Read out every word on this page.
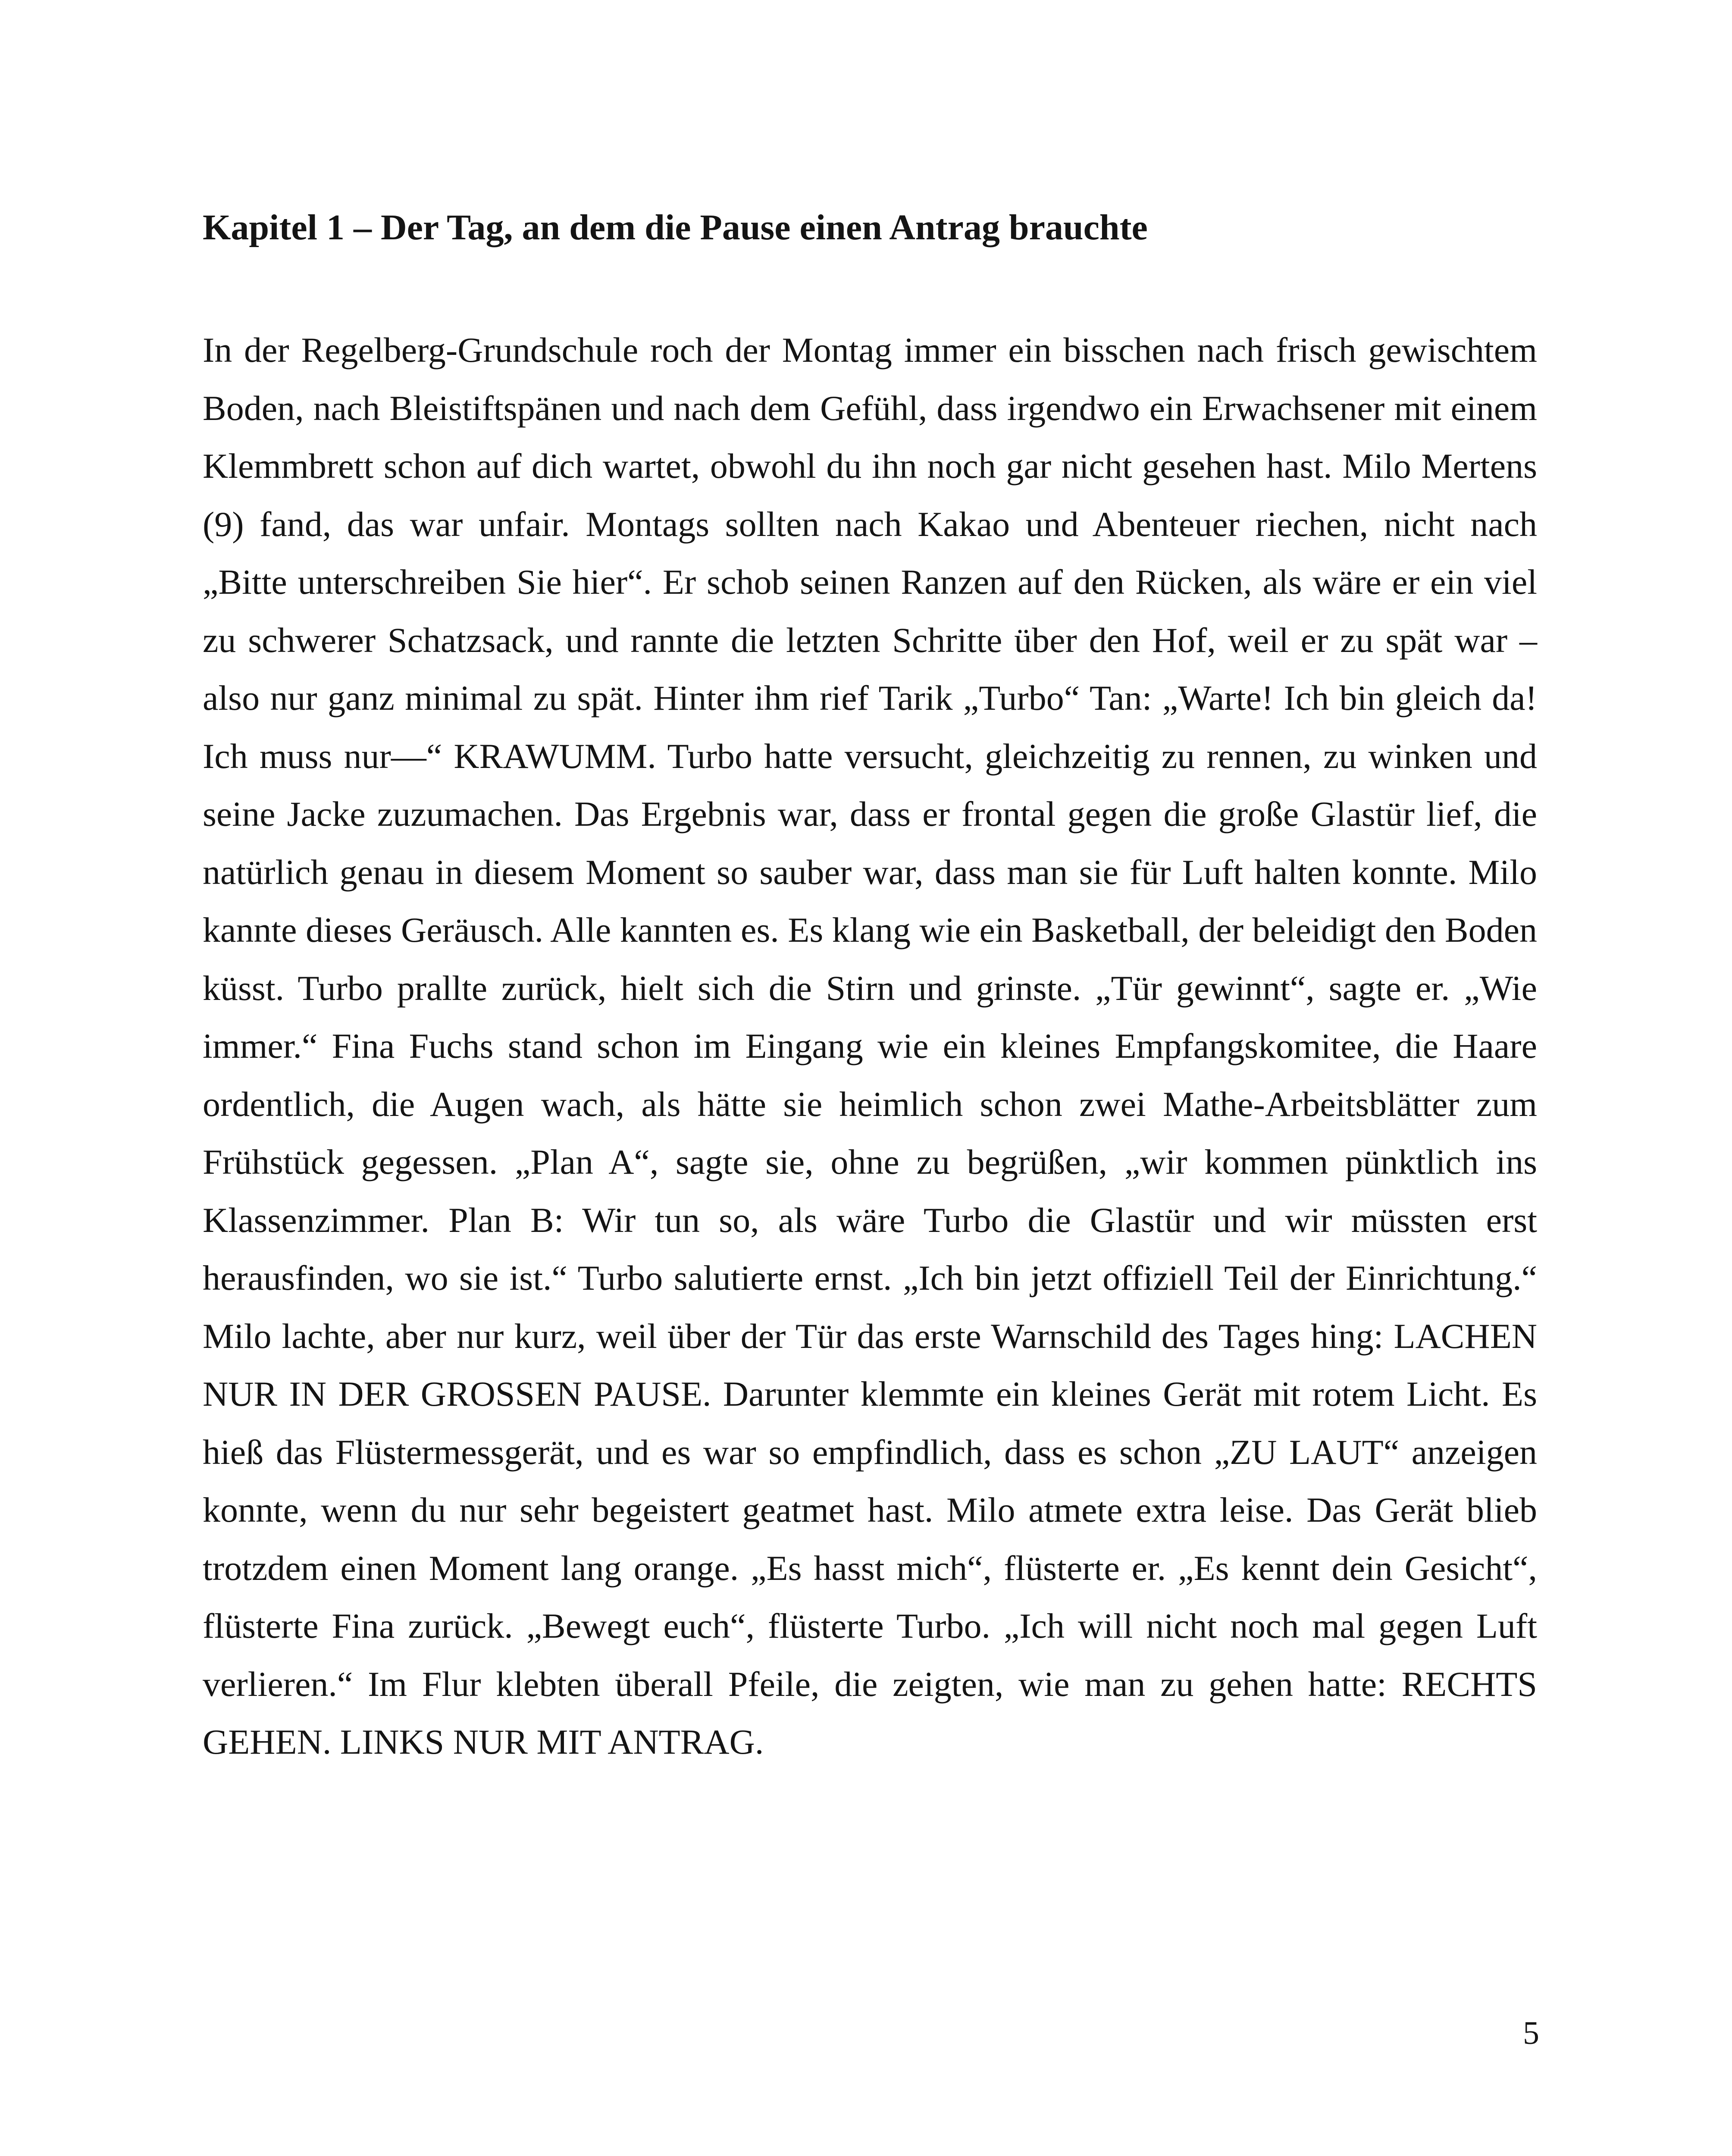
Kapitel 1 – Der Tag, an dem die Pause einen Antrag brauchte

In der Regelberg-Grundschule roch der Montag immer ein bisschen nach frisch gewischtem Boden, nach Bleistiftspänen und nach dem Gefühl, dass irgendwo ein Erwachsener mit einem Klemmbrett schon auf dich wartet, obwohl du ihn noch gar nicht gesehen hast. Milo Mertens (9) fand, das war unfair. Montags sollten nach Kakao und Abenteuer riechen, nicht nach „Bitte unterschreiben Sie hier“. Er schob seinen Ranzen auf den Rücken, als wäre er ein viel zu schwerer Schatzsack, und rannte die letzten Schritte über den Hof, weil er zu spät war – also nur ganz minimal zu spät. Hinter ihm rief Tarik „Turbo“ Tan: „Warte! Ich bin gleich da! Ich muss nur—“ KRAWUMM. Turbo hatte versucht, gleichzeitig zu rennen, zu winken und seine Jacke zuzumachen. Das Ergebnis war, dass er frontal gegen die große Glastür lief, die natürlich genau in diesem Moment so sauber war, dass man sie für Luft halten konnte. Milo kannte dieses Geräusch. Alle kannten es. Es klang wie ein Basketball, der beleidigt den Boden küsst. Turbo prallte zurück, hielt sich die Stirn und grinste. „Tür gewinnt“, sagte er. „Wie immer.“ Fina Fuchs stand schon im Eingang wie ein kleines Empfangskomitee, die Haare ordentlich, die Augen wach, als hätte sie heimlich schon zwei Mathe-Arbeitsblätter zum Frühstück gegessen. „Plan A“, sagte sie, ohne zu begrüßen, „wir kommen pünktlich ins Klassenzimmer. Plan B: Wir tun so, als wäre Turbo die Glastür und wir müssten erst herausfinden, wo sie ist.“ Turbo salutierte ernst. „Ich bin jetzt offiziell Teil der Einrichtung.“ Milo lachte, aber nur kurz, weil über der Tür das erste Warnschild des Tages hing: LACHEN NUR IN DER GROSSEN PAUSE. Darunter klemmte ein kleines Gerät mit rotem Licht. Es hieß das Flüstermessgerät, und es war so empfindlich, dass es schon „ZU LAUT“ anzeigen konnte, wenn du nur sehr begeistert geatmet hast. Milo atmete extra leise. Das Gerät blieb trotzdem einen Moment lang orange. „Es hasst mich“, flüsterte er. „Es kennt dein Gesicht“, flüsterte Fina zurück. „Bewegt euch“, flüsterte Turbo. „Ich will nicht noch mal gegen Luft verlieren.“ Im Flur klebten überall Pfeile, die zeigten, wie man zu gehen hatte: RECHTS GEHEN. LINKS NUR MIT ANTRAG.

5
